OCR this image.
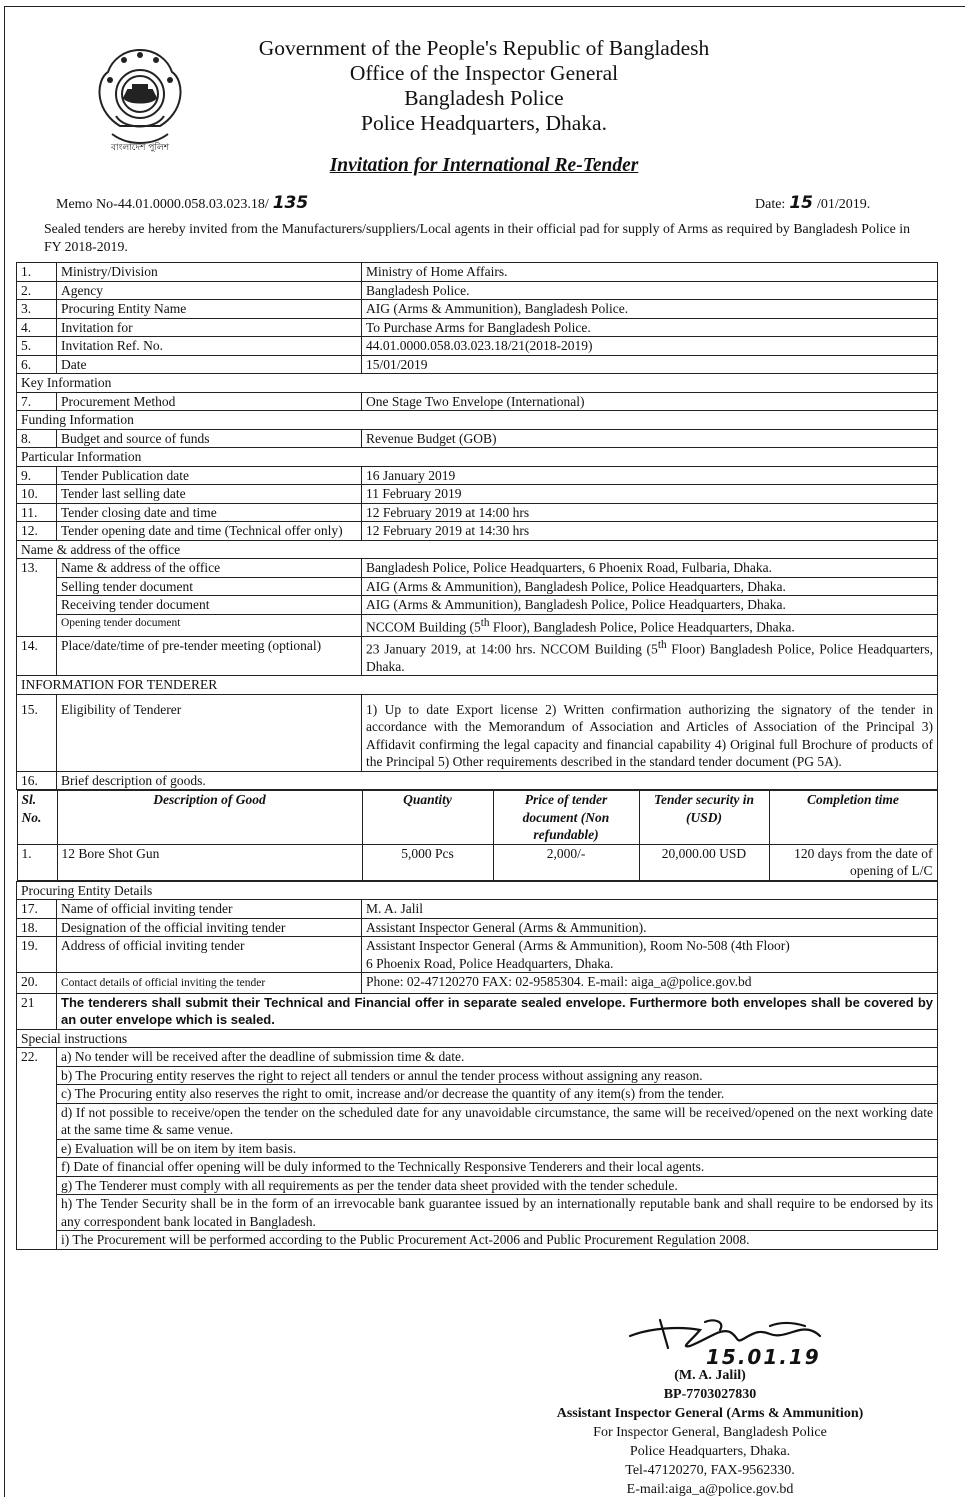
বাংলাদেশ পুলিশ
Government of the People's Republic of Bangladesh
Office of the Inspector General
Bangladesh Police
Police Headquarters, Dhaka.
Invitation for International Re-Tender
Memo No-44.01.0000.058.03.023.18/ 135	Date: 15 /01/2019.
Sealed tenders are hereby invited from the Manufacturers/suppliers/Local agents in their official pad for supply of Arms as required by Bangladesh Police in FY 2018-2019.
1.	Ministry/Division	Ministry of Home Affairs.
2.	Agency	Bangladesh Police.
3.	Procuring Entity Name	AIG (Arms & Ammunition), Bangladesh Police.
4.	Invitation for	To Purchase Arms for Bangladesh Police.
5.	Invitation Ref. No.	44.01.0000.058.03.023.18/21(2018-2019)
6.	Date	15/01/2019
Key Information
7.	Procurement Method	One Stage Two Envelope (International)
Funding Information
8.	Budget and source of funds	Revenue Budget (GOB)
Particular Information
9.	Tender Publication date	16 January 2019
10.	Tender last selling date	11 February 2019
11.	Tender closing date and time	12 February 2019 at 14:00 hrs
12.	Tender opening date and time (Technical offer only)	12 February 2019 at 14:30 hrs
Name & address of the office
13.	Name & address of the office	Bangladesh Police, Police Headquarters, 6 Phoenix Road, Fulbaria, Dhaka.
Selling tender document	AIG (Arms & Ammunition), Bangladesh Police, Police Headquarters, Dhaka.
Receiving tender document	AIG (Arms & Ammunition), Bangladesh Police, Police Headquarters, Dhaka.
Opening tender document	NCCOM Building (5th Floor), Bangladesh Police, Police Headquarters, Dhaka.
14.	Place/date/time of pre-tender meeting (optional)	23 January 2019, at 14:00 hrs. NCCOM Building (5th Floor) Bangladesh Police, Police Headquarters, Dhaka.
INFORMATION FOR TENDERER
15.	Eligibility of Tenderer	1) Up to date Export license 2) Written confirmation authorizing the signatory of the tender in accordance with the Memorandum of Association and Articles of Association of the Principal 3) Affidavit confirming the legal capacity and financial capability 4) Original full Brochure of products of the Principal 5) Other requirements described in the standard tender document (PG 5A).
16.	Brief description of goods.

Sl. No.	Description of Good	Quantity	Price of tender document (Non refundable)	Tender security in (USD)	Completion time
1.	12 Bore Shot Gun	5,000 Pcs	2,000/-	20,000.00 USD	120 days from the date of opening of L/C

Procuring Entity Details
17.	Name of official inviting tender	M. A. Jalil
18.	Designation of the official inviting tender	Assistant Inspector General (Arms & Ammunition).
19.	Address of official inviting tender	Assistant Inspector General (Arms & Ammunition), Room No-508 (4th Floor)
6 Phoenix Road, Police Headquarters, Dhaka.

20.	Contact details of official inviting the tender	Phone: 02-47120270 FAX: 02-9585304. E-mail: aiga_a@police.gov.bd
21	The tenderers shall submit their Technical and Financial offer in separate sealed envelope. Furthermore both envelopes shall be covered by an outer envelope which is sealed.
Special instructions
22.	a) No tender will be received after the deadline of submission time & date.
b) The Procuring entity reserves the right to reject all tenders or annul the tender process without assigning any reason.
c) The Procuring entity also reserves the right to omit, increase and/or decrease the quantity of any item(s) from the tender.
d) If not possible to receive/open the tender on the scheduled date for any unavoidable circumstance, the same will be received/opened on the next working date at the same time & same venue.
e) Evaluation will be on item by item basis.
f) Date of financial offer opening will be duly informed to the Technically Responsive Tenderers and their local agents.
g) The Tenderer must comply with all requirements as per the tender data sheet provided with the tender schedule.
h) The Tender Security shall be in the form of an irrevocable bank guarantee issued by an internationally reputable bank and shall require to be endorsed by its any correspondent bank located in Bangladesh.
i) The Procurement will be performed according to the Public Procurement Act-2006 and Public Procurement Regulation 2008.
15.01.19
(M. A. Jalil)
BP-7703027830
Assistant Inspector General (Arms & Ammunition)
For Inspector General, Bangladesh Police
Police Headquarters, Dhaka.
Tel-47120270, FAX-9562330.
E-mail:aiga_a@police.gov.bd
